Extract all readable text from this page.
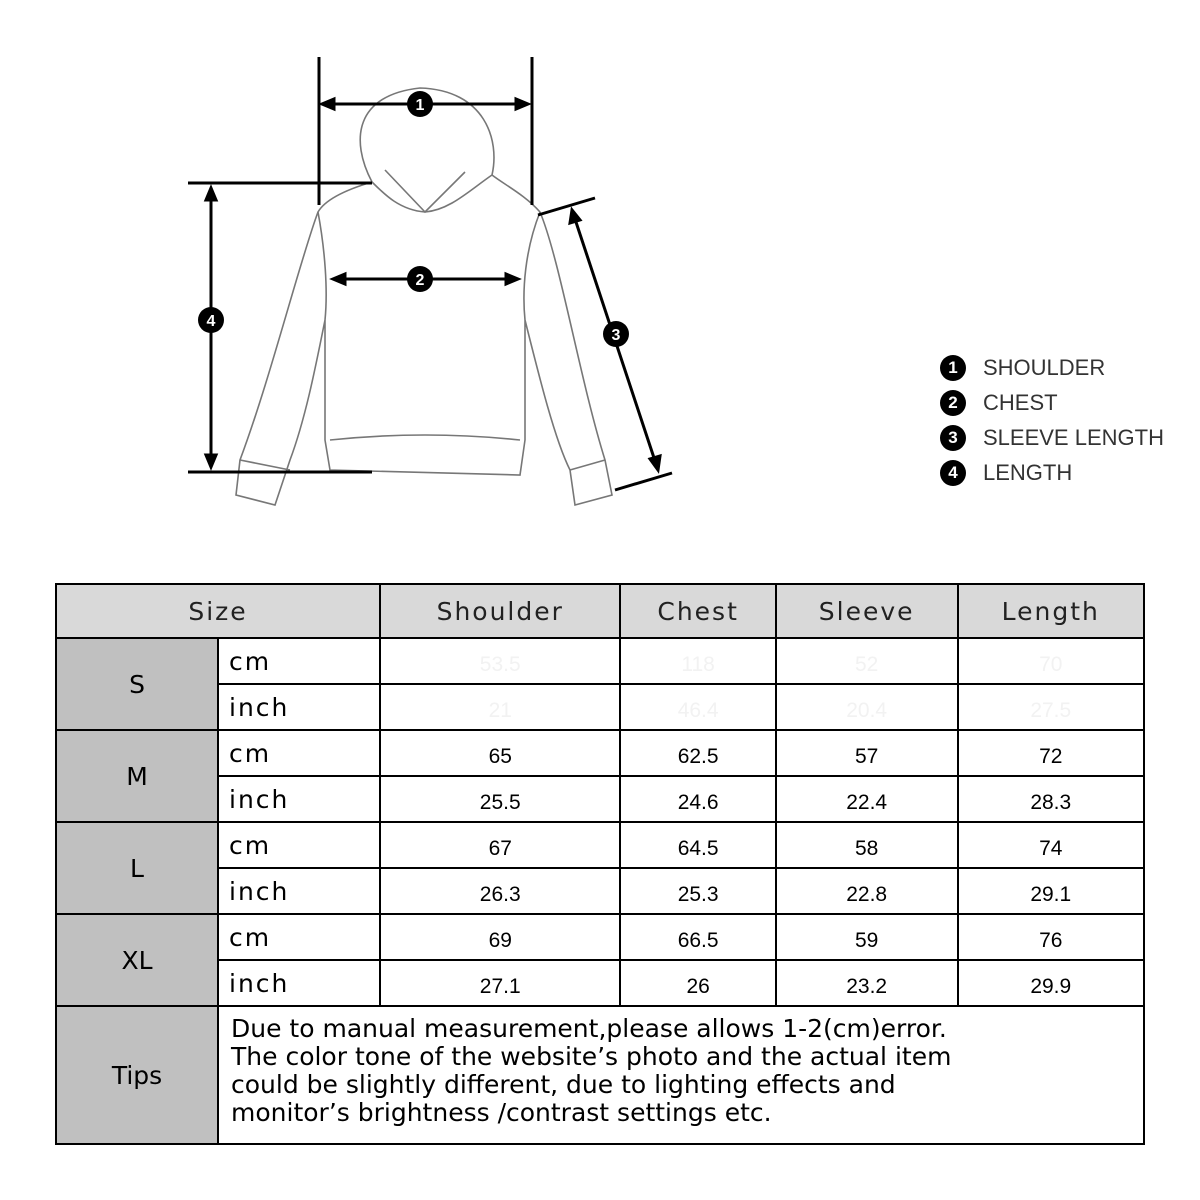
1
2
3
4
1	SHOULDER
2	CHEST
3	SLEEVE LENGTH
4	LENGTH
Size		Shoulder	Chest	Sleeve	Length
S	cm	53.5	118	52	70
	inch	21	46.4	20.4	27.5
M	cm	65	62.5	57	72
	inch	25.5	24.6	22.4	28.3
L	cm	67	64.5	58	74
	inch	26.3	25.3	22.8	29.1
XL	cm	69	66.5	59	76
	inch	27.1	26	23.2	29.9
Tips	Due to manual measurement,please allows 1-2(cm)error.
The color tone of the website’s photo and the actual item
could be slightly different, due to lighting effects and
monitor’s brightness /contrast settings etc.				
